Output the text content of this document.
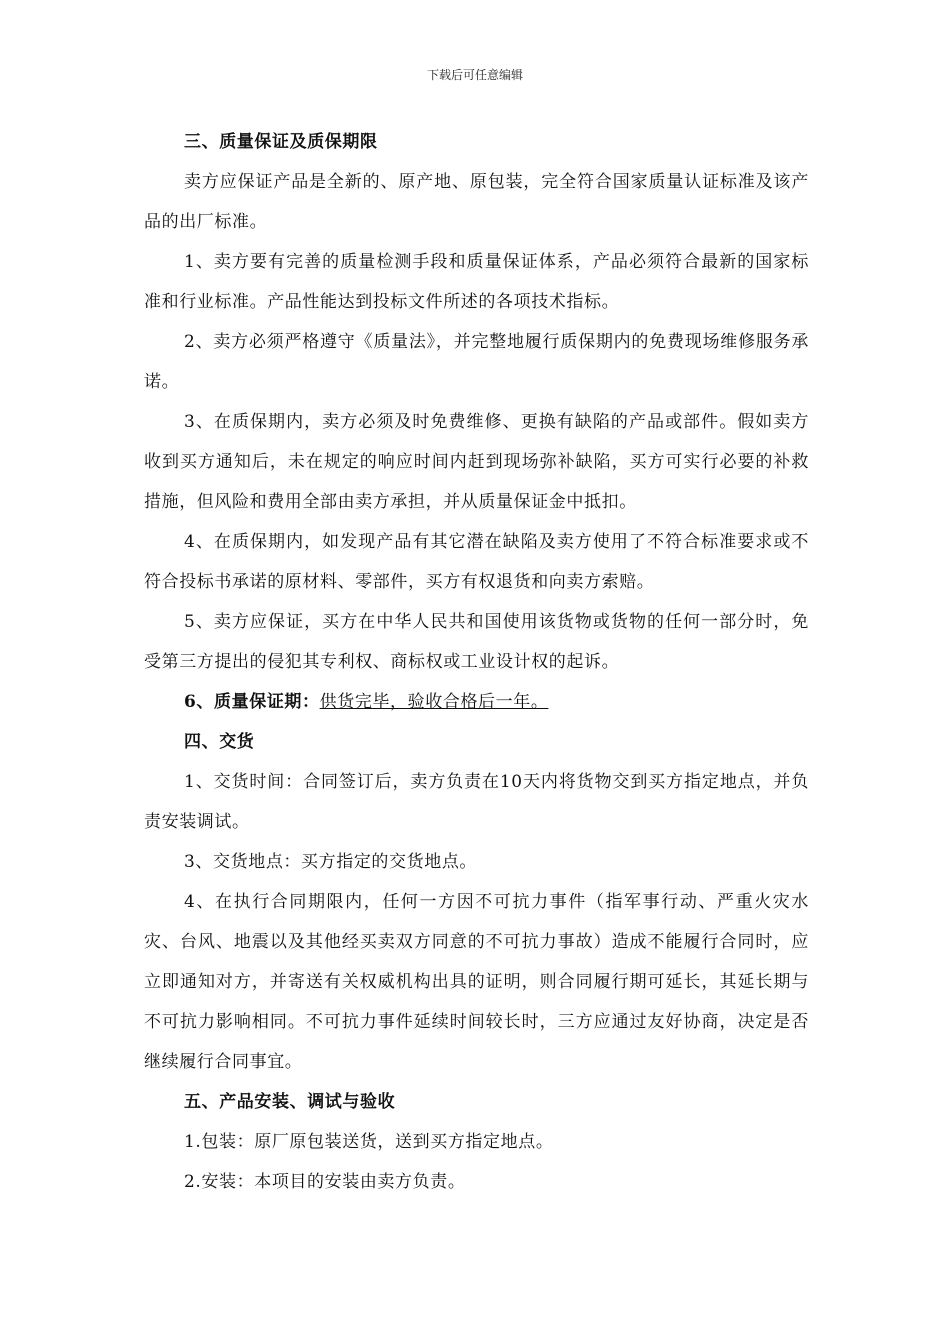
下载后可任意编辑

三、质量保证及质保期限

卖方应保证产品是全新的、原产地、原包装，完全符合国家质量认证标准及该产品的出厂标准。

1、卖方要有完善的质量检测手段和质量保证体系，产品必须符合最新的国家标准和行业标准。产品性能达到投标文件所述的各项技术指标。

2、卖方必须严格遵守《质量法》，并完整地履行质保期内的免费现场维修服务承诺。

3、在质保期内，卖方必须及时免费维修、更换有缺陷的产品或部件。假如卖方收到买方通知后，未在规定的响应时间内赶到现场弥补缺陷，买方可实行必要的补救措施，但风险和费用全部由卖方承担，并从质量保证金中抵扣。

4、在质保期内，如发现产品有其它潜在缺陷及卖方使用了不符合标准要求或不符合投标书承诺的原材料、零部件，买方有权退货和向卖方索赔。

5、卖方应保证，买方在中华人民共和国使用该货物或货物的任何一部分时，免受第三方提出的侵犯其专利权、商标权或工业设计权的起诉。

6、质量保证期：供货完毕，验收合格后一年。

四、交货

1、交货时间：合同签订后，卖方负责在10天内将货物交到买方指定地点，并负责安装调试。

3、交货地点：买方指定的交货地点。

4、在执行合同期限内，任何一方因不可抗力事件（指军事行动、严重火灾水灾、台风、地震以及其他经买卖双方同意的不可抗力事故）造成不能履行合同时，应立即通知对方，并寄送有关权威机构出具的证明，则合同履行期可延长，其延长期与不可抗力影响相同。不可抗力事件延续时间较长时，三方应通过友好协商，决定是否继续履行合同事宜。

五、产品安装、调试与验收

1.包装：原厂原包装送货，送到买方指定地点。

2.安装：本项目的安装由卖方负责。
